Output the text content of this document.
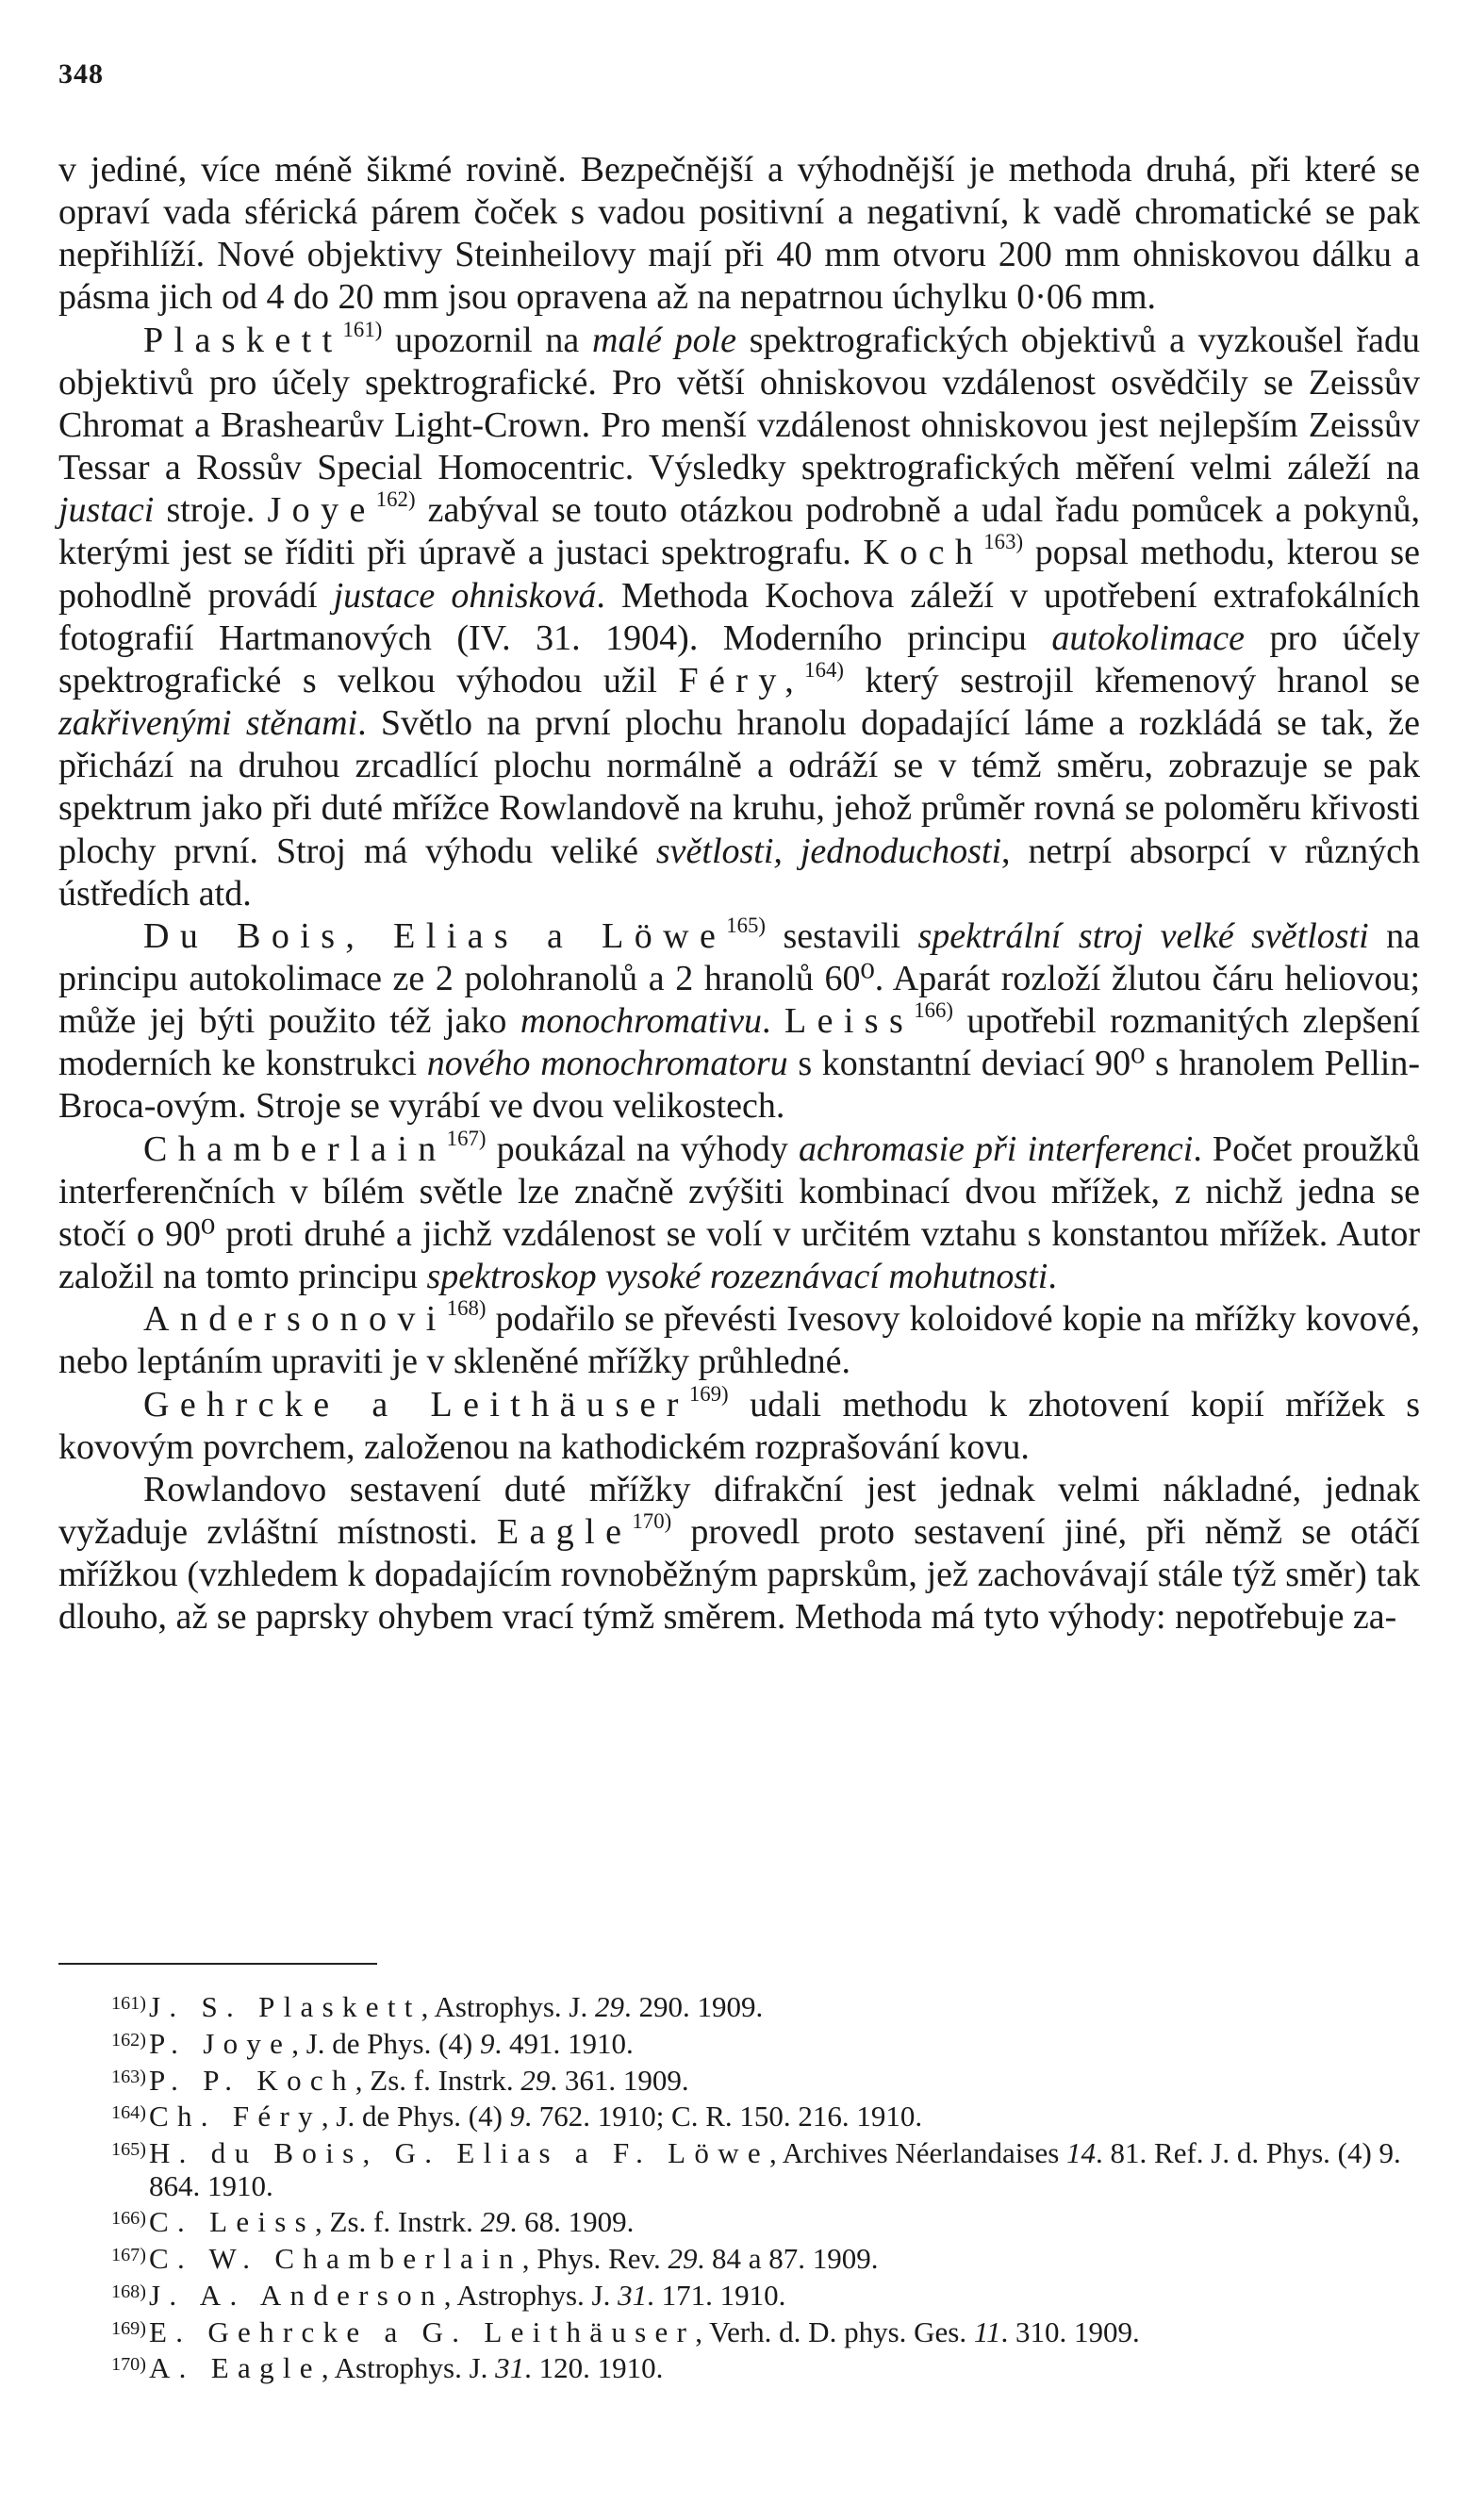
348

v jediné, více méně šikmé rovině. Bezpečnější a výhodnější je methoda druhá, při které se opraví vada sférická párem čoček s vadou positivní a negativní, k vadě chromatické se pak nepřihlíží. Nové objektivy Steinheilovy mají při 40 mm otvoru 200 mm ohniskovou dálku a pásma jich od 4 do 20 mm jsou opravena až na nepatrnou úchylku 0·06 mm.

Plaskett$^{161)}$ upozornil na malé pole spektrografických objektivů a vyzkoušel řadu objektivů pro účely spektrografické. Pro větší ohniskovou vzdálenost osvědčily se Zeissův Chromat a Brashearův Light-Crown. Pro menší vzdálenost ohniskovou jest nejlepším Zeissův Tessar a Rossův Special Homocentric. Výsledky spektrografických měření velmi záleží na justaci stroje. Joye$^{162)}$ zabýval se touto otázkou podrobně a udal řadu pomůcek a pokynů, kterými jest se říditi při úpravě a justaci spektrografu. Koch$^{163)}$ popsal methodu, kterou se pohodlně provádí justace ohnisková. Methoda Kochova záleží v upotřebení extrafokálních fotografií Hartmanových (IV. 31. 1904). Moderního principu autokolimace pro účely spektrografické s velkou výhodou užil Féry,$^{164)}$ který sestrojil křemenový hranol se zakřivenými stěnami. Světlo na první plochu hranolu dopadající láme a rozkládá se tak, že přichází na druhou zrcadlící plochu normálně a odráží se v témž směru, zobrazuje se pak spektrum jako při duté mřížce Rowlandově na kruhu, jehož průměr rovná se poloměru křivosti plochy první. Stroj má výhodu veliké světlosti, jednoduchosti, netrpí absorpcí v různých ústředích atd.

Du Bois, Elias a Löwe$^{165)}$ sestavili spektrální stroj velké světlosti na principu autokolimace ze 2 polohranolů a 2 hranolů 60⁰. Aparát rozloží žlutou čáru heliovou; může jej býti použito též jako monochromativu. Leiss$^{166)}$ upotřebil rozmanitých zlepšení moderních ke konstrukci nového monochromatoru s konstantní deviací 90⁰ s hranolem Pellin-Broca-ovým. Stroje se vyrábí ve dvou velikostech.

Chamberlain$^{167)}$ poukázal na výhody achromasie při interferenci. Počet proužků interferenčních v bílém světle lze značně zvýšiti kombinací dvou mřížek, z nichž jedna se stočí o 90⁰ proti druhé a jichž vzdálenost se volí v určitém vztahu s konstantou mřížek. Autor založil na tomto principu spektroskop vysoké rozeznávací mohutnosti.

Andersonovi$^{168)}$ podařilo se převésti Ivesovy koloidové kopie na mřížky kovové, nebo leptáním upraviti je v skleněné mřížky průhledné.

Gehrcke a Leithäuser$^{169)}$ udali methodu k zhotovení kopií mřížek s kovovým povrchem, založenou na kathodickém rozprašování kovu.

Rowlandovo sestavení duté mřížky difrakční jest jednak velmi nákladné, jednak vyžaduje zvláštní místnosti. Eagle$^{170)}$ provedl proto sestavení jiné, při němž se otáčí mřížkou (vzhledem k dopadajícím rovnoběžným paprskům, jež zachovávají stále týž směr) tak dlouho, až se paprsky ohybem vrací týmž směrem. Methoda má tyto výhody: nepotřebuje za-

161)J. S. Plaskett, Astrophys. J. 29. 290. 1909.

162)P. Joye, J. de Phys. (4) 9. 491. 1910.

163)P. P. Koch, Zs. f. Instrk. 29. 361. 1909.

164)Ch. Féry, J. de Phys. (4) 9. 762. 1910; C. R. 150. 216. 1910.

165)H. du Bois, G. Elias a F. Löwe, Archives Néerlandaises 14. 81. Ref. J. d. Phys. (4) 9. 864. 1910.

166)C. Leiss, Zs. f. Instrk. 29. 68. 1909.

167)C. W. Chamberlain, Phys. Rev. 29. 84 a 87. 1909.

168)J. A. Anderson, Astrophys. J. 31. 171. 1910.

169)E. Gehrcke a G. Leithäuser, Verh. d. D. phys. Ges. 11. 310. 1909.

170)A. Eagle, Astrophys. J. 31. 120. 1910.
